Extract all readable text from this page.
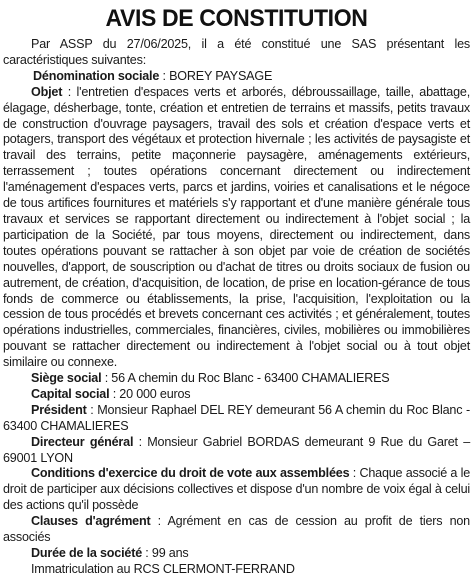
AVIS DE CONSTITUTION

Par ASSP du 27/06/2025, il a été constitué une SAS présentant les caractéristiques suivantes:

Dénomination sociale : BOREY PAYSAGE

Objet : l'entretien d'espaces verts et arborés, débroussaillage, taille, abattage, élagage, désherbage, tonte, création et entretien de terrains et massifs, petits travaux de construction d'ouvrage paysagers, travail des sols et création d'espace verts et potagers, transport des végétaux et protection hivernale ; les activités de paysagiste et travail des terrains, petite maçonnerie paysagère, aménagements extérieurs, terrassement ; toutes opérations concernant directement ou indirectement l'aménagement d'espaces verts, parcs et jardins, voiries et canalisations et le négoce de tous artifices fournitures et matériels s'y rapportant et d'une manière générale tous travaux et services se rapportant directement ou indirectement à l'objet social ; la participation de la Société, par tous moyens, directement ou indirectement, dans toutes opérations pouvant se rattacher à son objet par voie de création de sociétés nouvelles, d'apport, de souscription ou d'achat de titres ou droits sociaux de fusion ou autrement, de création, d'acquisition, de location, de prise en location-gérance de tous fonds de commerce ou établissements, la prise, l'acquisition, l'exploitation ou la cession de tous procédés et brevets concernant ces activités ; et généralement, toutes opérations industrielles, commerciales, financières, civiles, mobilières ou immobilières pouvant se rattacher directement ou indirectement à l'objet social ou à tout objet similaire ou connexe.

Siège social : 56 A chemin du Roc Blanc - 63400 CHAMALIERES

Capital social : 20 000 euros

Président : Monsieur Raphael DEL REY demeurant 56 A chemin du Roc Blanc - 63400 CHAMALIERES

Directeur général : Monsieur Gabriel BORDAS demeurant 9 Rue du Garet – 69001 LYON

Conditions d'exercice du droit de vote aux assemblées : Chaque associé a le droit de participer aux décisions collectives et dispose d'un nombre de voix égal à celui des actions qu'il possède

Clauses d'agrément : Agrément en cas de cession au profit de tiers non associés

Durée de la société : 99 ans

Immatriculation au RCS CLERMONT-FERRAND
